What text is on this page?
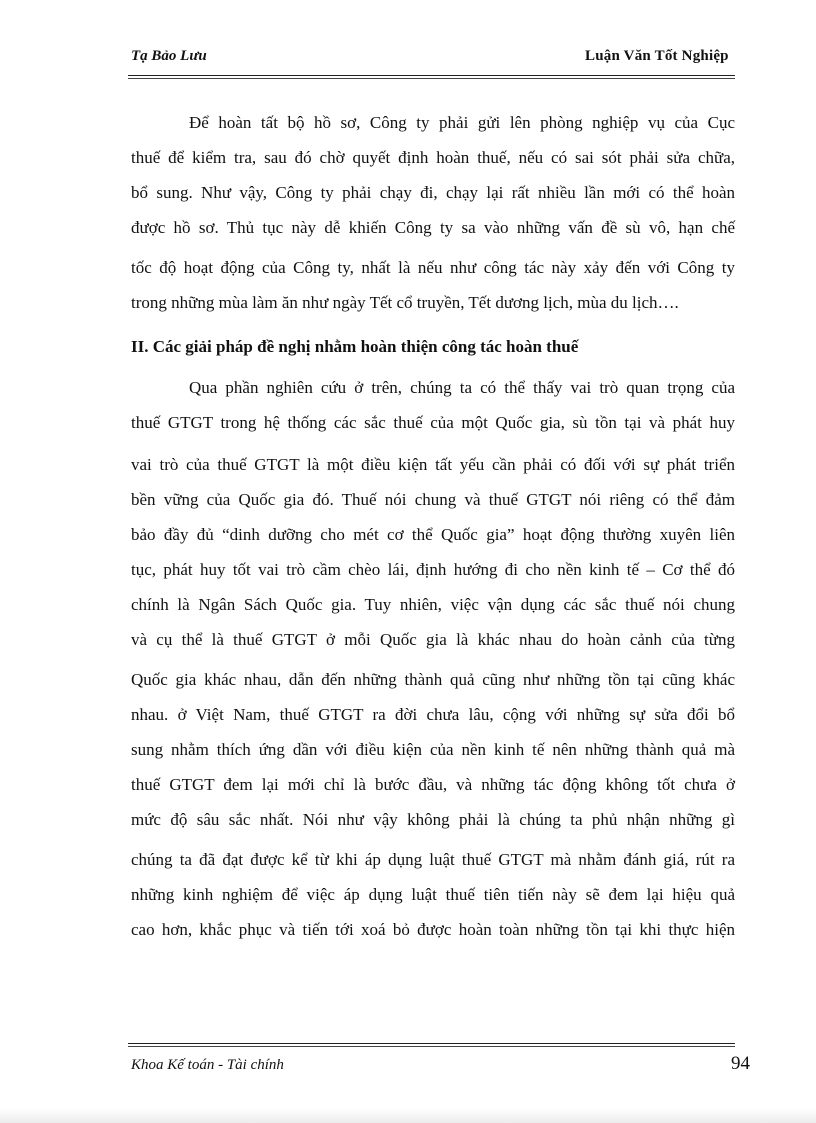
Tạ Bảo Lưu	Luận Văn Tốt Nghiệp
Để hoàn tất bộ hồ sơ, Công ty phải gửi lên phòng nghiệp vụ của Cục
thuế để kiểm tra, sau đó chờ quyết định hoàn thuế, nếu có sai sót phải sửa chữa,
bổ sung. Như vậy, Công ty phải chạy đi, chạy lại rất nhiều lần mới có thể hoàn
được hồ sơ. Thủ tục này dễ khiến Công ty sa vào những vấn đề sù vô, hạn chế
tốc độ hoạt động của Công ty, nhất là nếu như công tác này xảy đến với Công ty
trong những mùa làm ăn như ngày Tết cổ truyền, Tết dương lịch, mùa du lịch….
II. Các giải pháp đề nghị nhằm hoàn thiện công tác hoàn thuế
Qua phần nghiên cứu ở trên, chúng ta có thể thấy vai trò quan trọng của
thuế GTGT trong hệ thống các sắc thuế của một Quốc gia, sù tồn tại và phát huy
vai trò của thuế GTGT là một điều kiện tất yếu cần phải có đối với sự phát triển
bền vững của Quốc gia đó. Thuế nói chung và thuế GTGT nói riêng có thể đảm
bảo đầy đủ “dinh dưỡng cho mét cơ thể Quốc gia” hoạt động thường xuyên liên
tục, phát huy tốt vai trò cầm chèo lái, định hướng đi cho nền kinh tế – Cơ thể đó
chính là Ngân Sách Quốc gia. Tuy nhiên, việc vận dụng các sắc thuế nói chung
và cụ thể là thuế GTGT ở mỗi Quốc gia là khác nhau do hoàn cảnh của từng
Quốc gia khác nhau, dẫn đến những thành quả cũng như những tồn tại cũng khác
nhau. ở Việt Nam, thuế GTGT ra đời chưa lâu, cộng với những sự sửa đổi bổ
sung nhằm thích ứng dần với điều kiện của nền kinh tế nên những thành quả mà
thuế GTGT đem lại mới chỉ là bước đầu, và những tác động không tốt chưa ở
mức độ sâu sắc nhất. Nói như vậy không phải là chúng ta phủ nhận những gì
chúng ta đã đạt được kể từ khi áp dụng luật thuế GTGT mà nhằm đánh giá, rút ra
những kinh nghiệm để việc áp dụng luật thuế tiên tiến này sẽ đem lại hiệu quả
cao hơn, khắc phục và tiến tới xoá bỏ được hoàn toàn những tồn tại khi thực hiện
Khoa Kế toán - Tài chính	94
